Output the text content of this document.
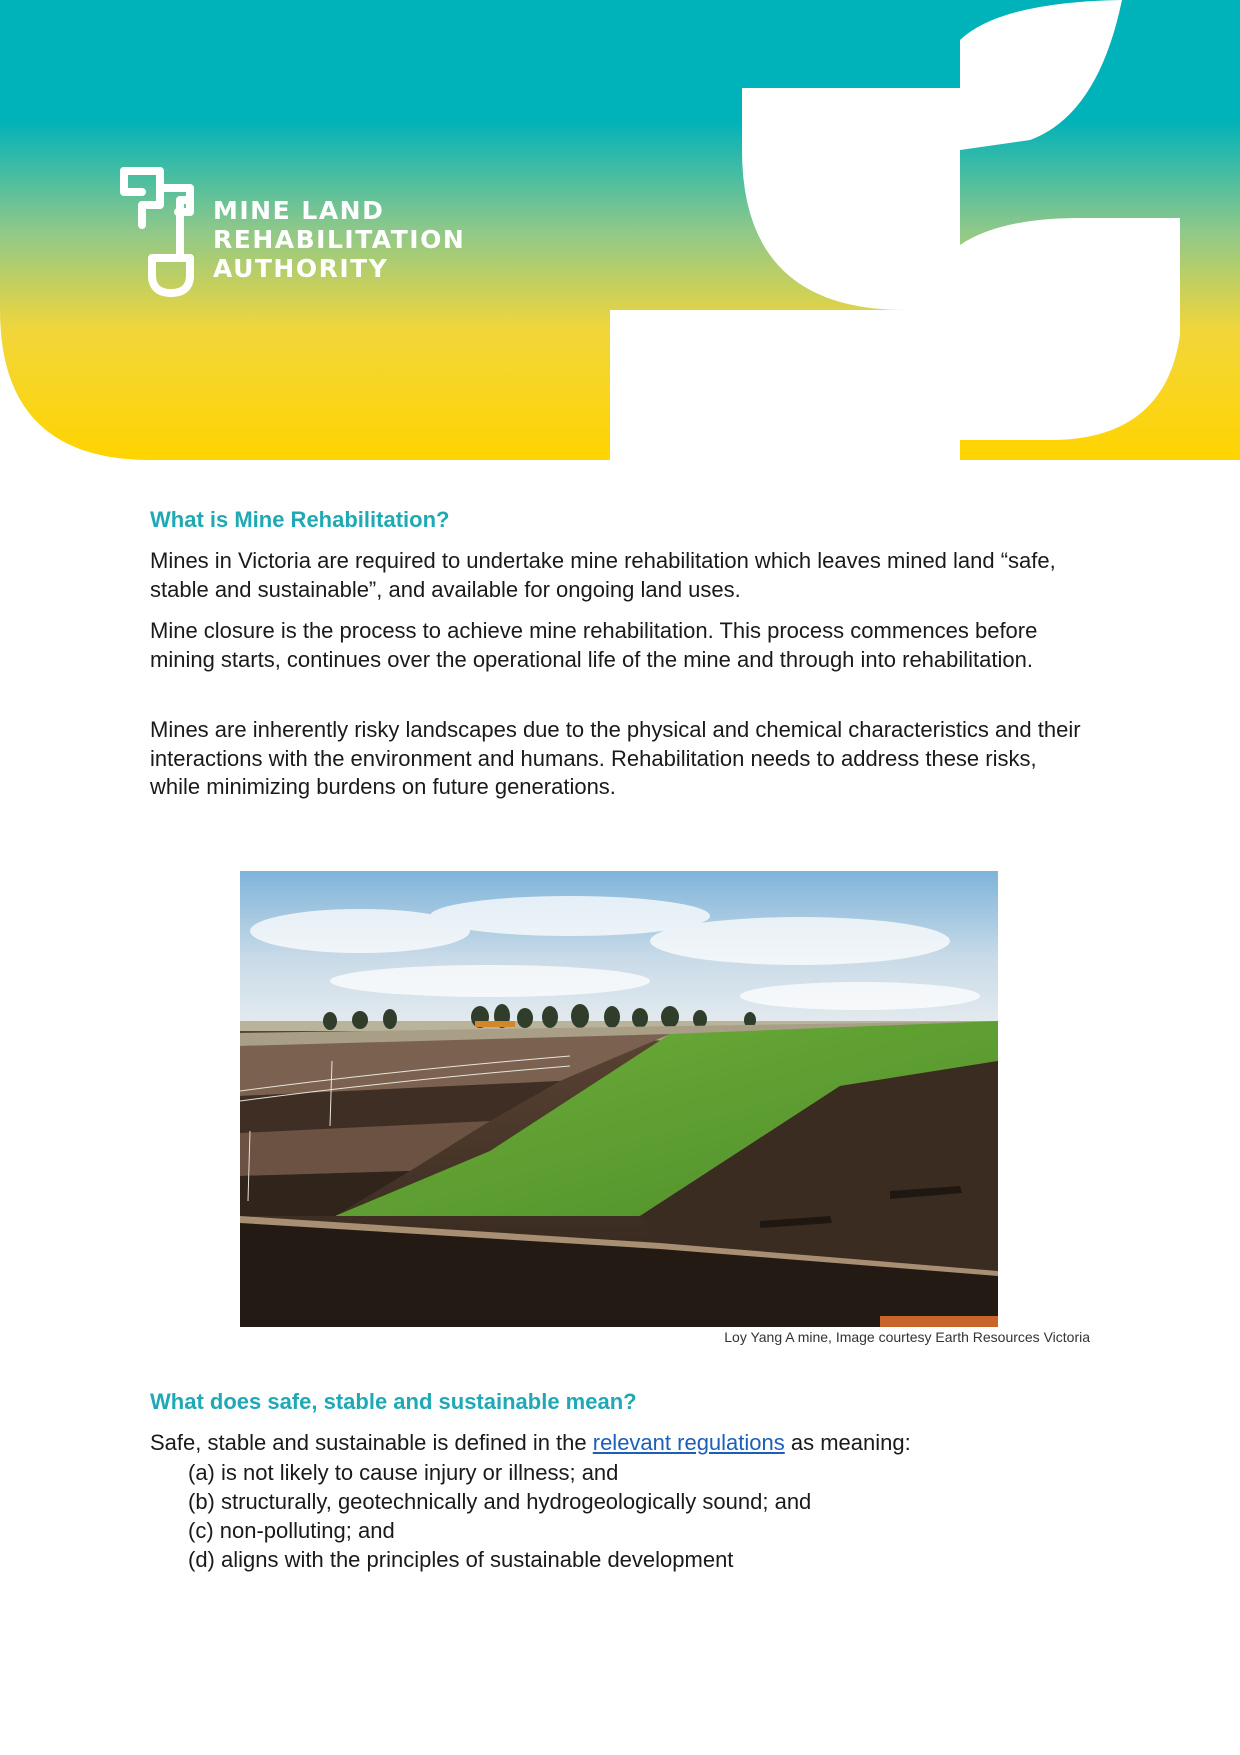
MINE LAND
REHABILITATION
AUTHORITY
What is Mine Rehabilitation?

Mines in Victoria are required to undertake mine rehabilitation which leaves mined land “safe, stable and sustainable”, and available for ongoing land uses.

Mine closure is the process to achieve mine rehabilitation. This process commences before mining starts, continues over the operational life of the mine and through into rehabilitation.

Mines are inherently risky landscapes due to the physical and chemical characteristics and their interactions with the environment and humans. Rehabilitation needs to address these risks, while minimizing burdens on future generations.

Loy Yang A mine, Image courtesy Earth Resources Victoria
What does safe, stable and sustainable mean?

Safe, stable and sustainable is defined in the relevant regulations as meaning:

(a) is not likely to cause injury or illness; and
(b) structurally, geotechnically and hydrogeologically sound; and
(c) non-polluting; and
(d) aligns with the principles of sustainable development
